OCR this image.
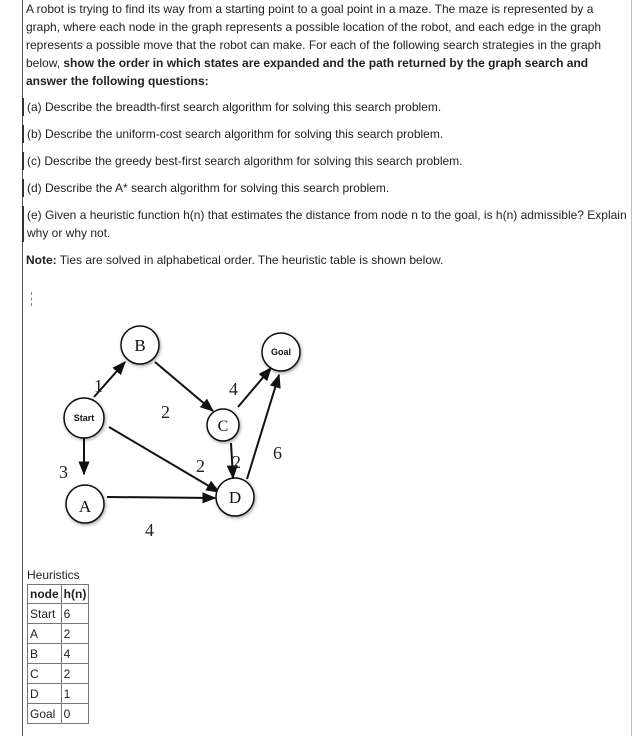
A robot is trying to find its way from a starting point to a goal point in a maze. The maze is represented by a graph, where each node in the graph represents a possible location of the robot, and each edge in the graph represents a possible move that the robot can make. For each of the following search strategies in the graph below, show the order in which states are expanded and the path returned by the graph search and answer the following questions:

(a) Describe the breadth-first search algorithm for solving this search problem.
(b) Describe the uniform-cost search algorithm for solving this search problem.
(c) Describe the greedy best-first search algorithm for solving this search problem.
(d) Describe the A* search algorithm for solving this search problem.
(e) Given a heuristic function h(n) that estimates the distance from node n to the goal, is h(n) admissible? Explain why or why not.
Note: Ties are solved in alphabetical order. The heuristic table is shown below.
1
3
2
2 2
4
6
4
B	Goal
Start	C
A	D
Heuristics
node	h(n)
Start	6
A	2
B	4
C	2
D	1
Goal	0
